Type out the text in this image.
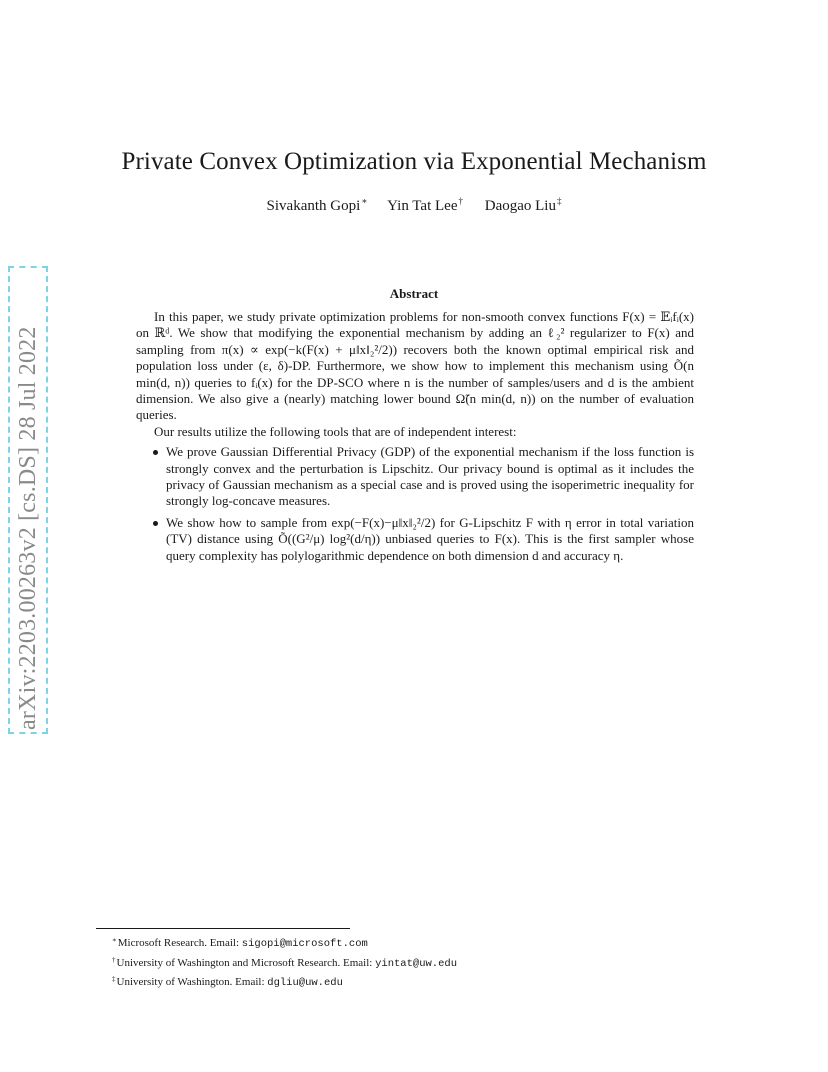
arXiv:2203.00263v2 [cs.DS] 28 Jul 2022
Private Convex Optimization via Exponential Mechanism
Sivakanth Gopi∗ Yin Tat Lee† Daogao Liu‡
Abstract

In this paper, we study private optimization problems for non-smooth convex functions F(x) = 𝔼ᵢfᵢ(x) on ℝᵈ. We show that modifying the exponential mechanism by adding an ℓ₂² regularizer to F(x) and sampling from π(x) ∝ exp(−k(F(x) + μ‖x‖₂²/2)) recovers both the known optimal empirical risk and population loss under (ε, δ)-DP. Furthermore, we show how to implement this mechanism using Õ(n min(d, n)) queries to fᵢ(x) for the DP-SCO where n is the number of samples/users and d is the ambient dimension. We also give a (nearly) matching lower bound Ω̃(n min(d, n)) on the number of evaluation queries.

Our results utilize the following tools that are of independent interest:

We prove Gaussian Differential Privacy (GDP) of the exponential mechanism if the loss function is strongly convex and the perturbation is Lipschitz. Our privacy bound is optimal as it includes the privacy of Gaussian mechanism as a special case and is proved using the isoperimetric inequality for strongly log-concave measures.
We show how to sample from exp(−F(x)−μ‖x‖₂²/2) for G-Lipschitz F with η error in total variation (TV) distance using Õ((G²/μ) log²(d/η)) unbiased queries to F(x). This is the first sampler whose query complexity has polylogarithmic dependence on both dimension d and accuracy η.
∗Microsoft Research. Email: sigopi@microsoft.com
†University of Washington and Microsoft Research. Email: yintat@uw.edu
‡University of Washington. Email: dgliu@uw.edu
